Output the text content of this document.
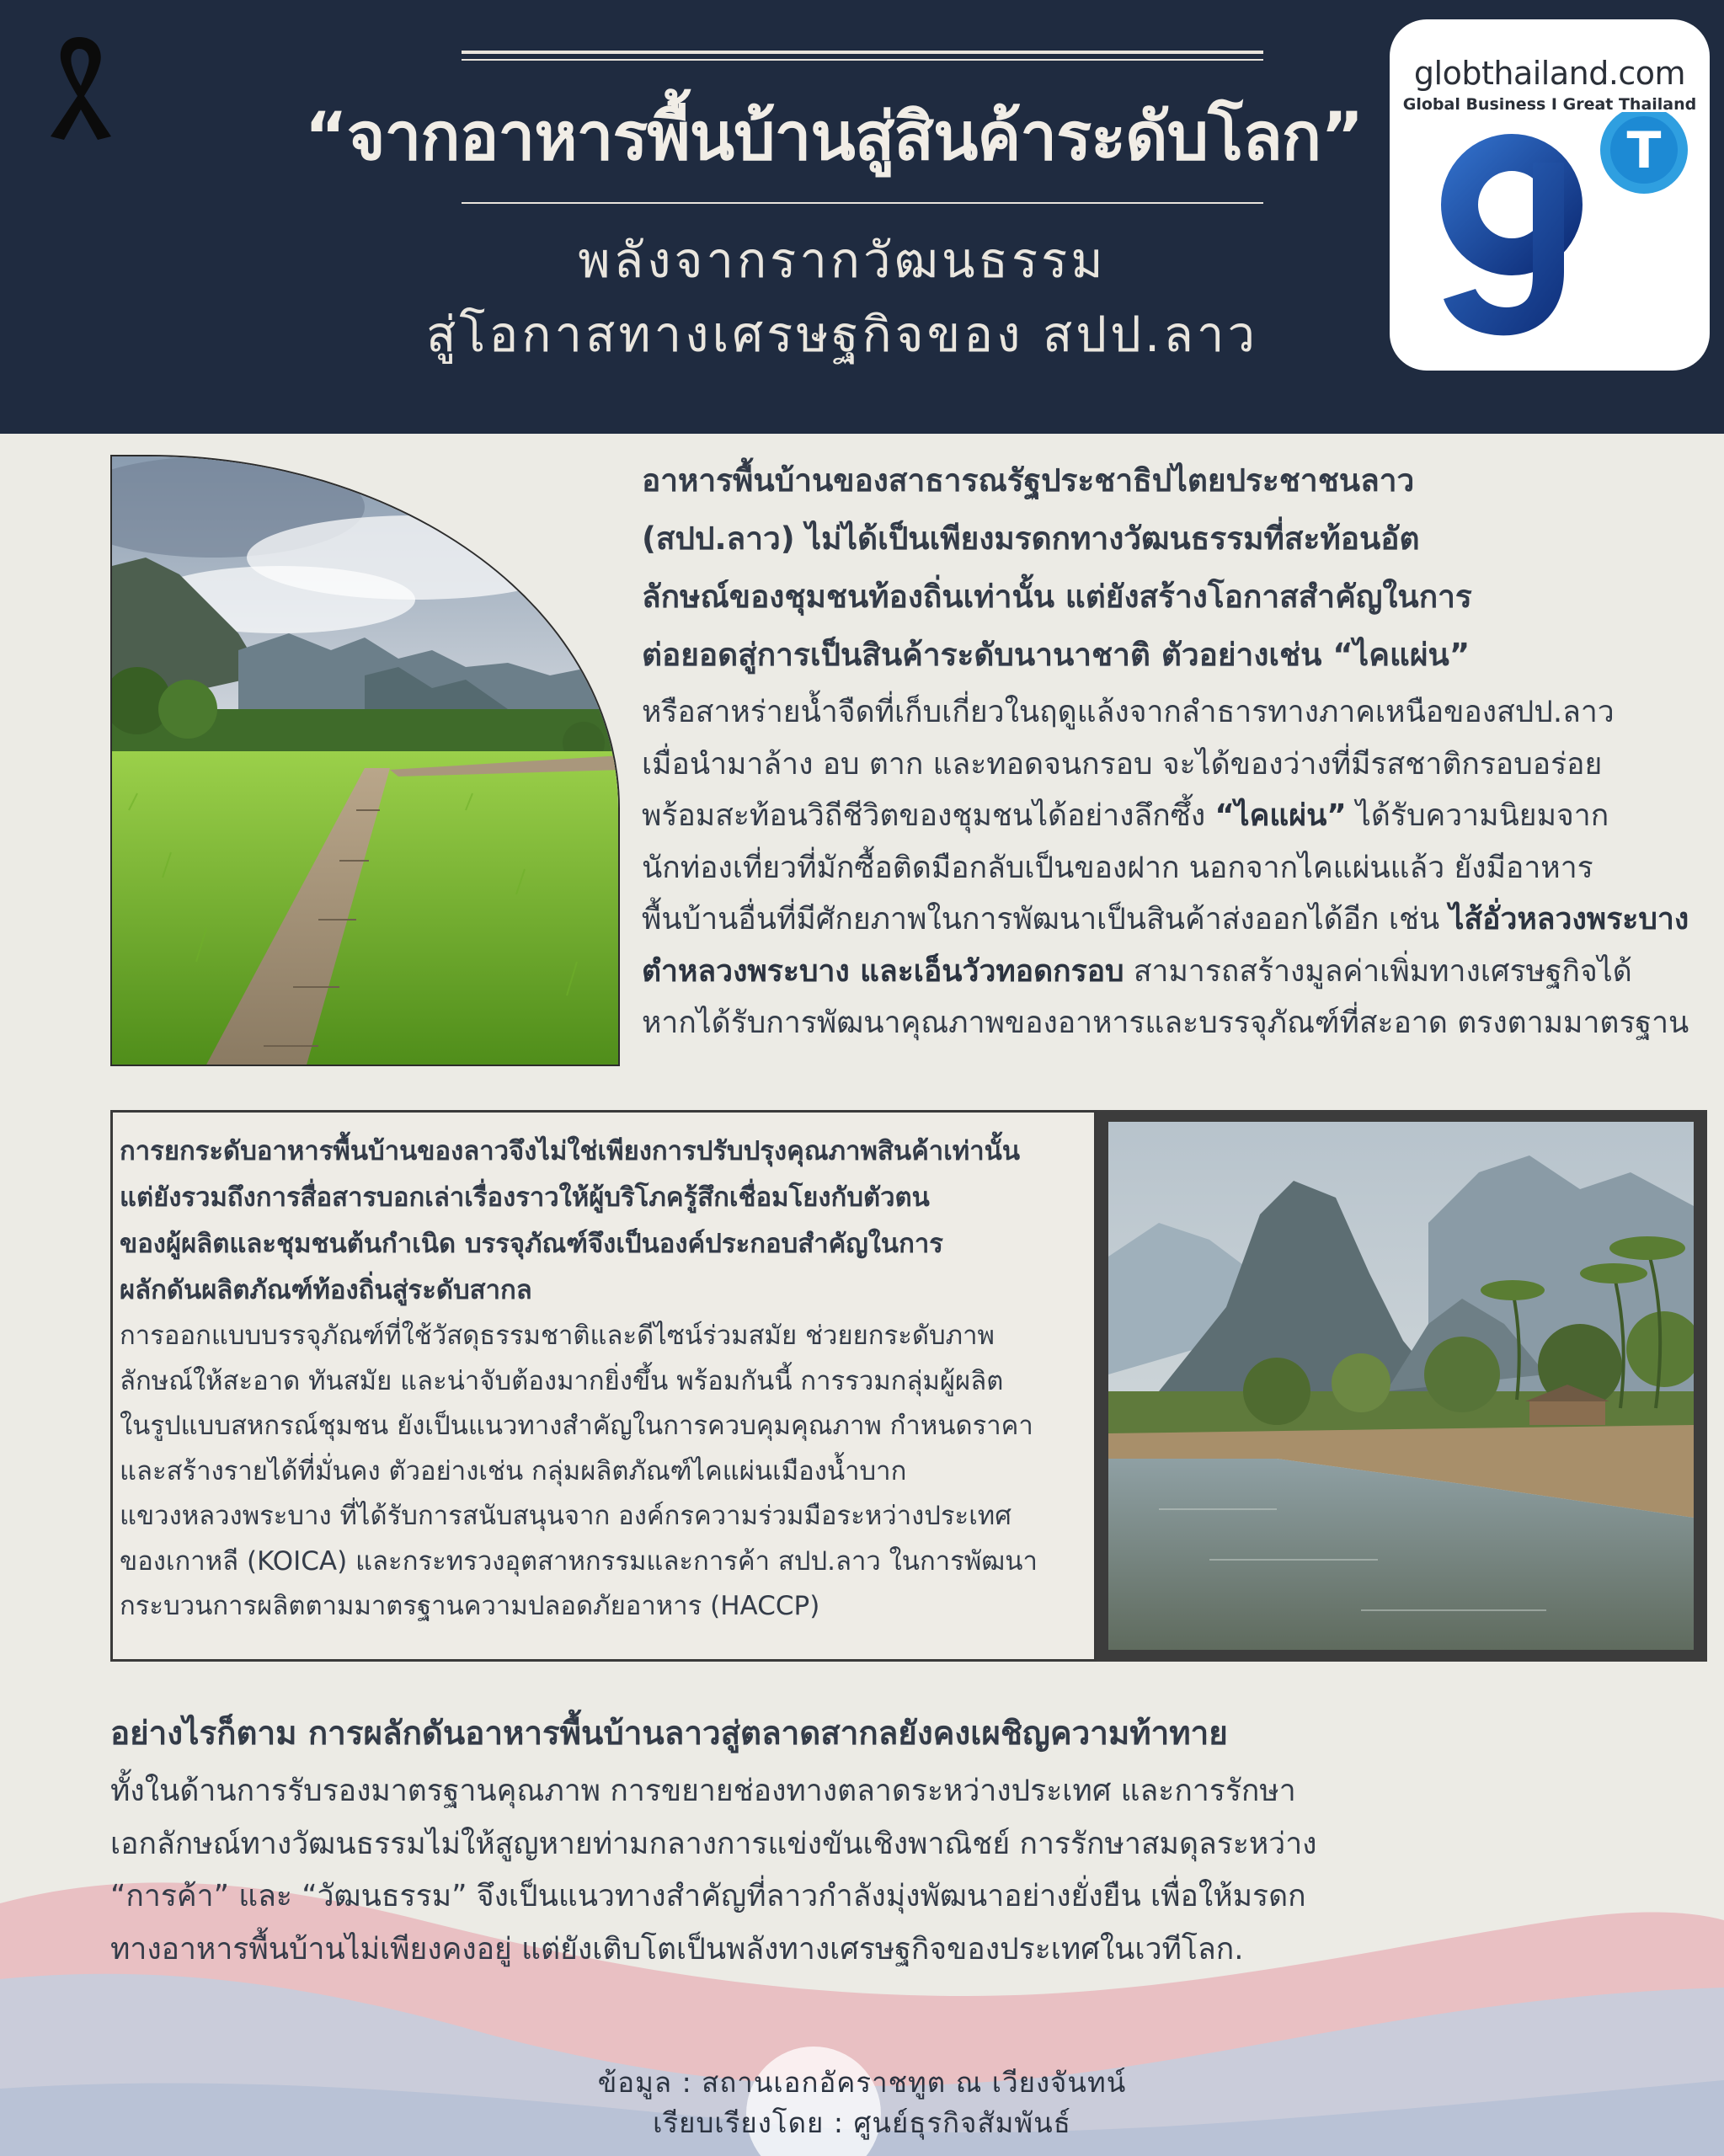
“จากอาหารพื้นบ้านสู่สินค้าระดับโลก”
พลังจากรากวัฒนธรรม
สู่โอกาสทางเศรษฐกิจของ สปป.ลาว
globthailand.com
Global Business I Great Thailand
T
อาหารพื้นบ้านของสาธารณรัฐประชาธิปไตยประชาชนลาว
(สปป.ลาว) ไม่ได้เป็นเพียงมรดกทางวัฒนธรรมที่สะท้อนอัต
ลักษณ์ของชุมชนท้องถิ่นเท่านั้น แต่ยังสร้างโอกาสสำคัญในการ
ต่อยอดสู่การเป็นสินค้าระดับนานาชาติ ตัวอย่างเช่น “ไคแผ่น”
หรือสาหร่ายน้ำจืดที่เก็บเกี่ยวในฤดูแล้งจากลำธารทางภาคเหนือของสปป.ลาว
เมื่อนำมาล้าง อบ ตาก และทอดจนกรอบ จะได้ของว่างที่มีรสชาติกรอบอร่อย
พร้อมสะท้อนวิถีชีวิตของชุมชนได้อย่างลึกซึ้ง “ไคแผ่น” ได้รับความนิยมจาก
นักท่องเที่ยวที่มักซื้อติดมือกลับเป็นของฝาก นอกจากไคแผ่นแล้ว ยังมีอาหาร
พื้นบ้านอื่นที่มีศักยภาพในการพัฒนาเป็นสินค้าส่งออกได้อีก เช่น ไส้อั่วหลวงพระบาง
ตำหลวงพระบาง และเอ็นวัวทอดกรอบ สามารถสร้างมูลค่าเพิ่มทางเศรษฐกิจได้
หากได้รับการพัฒนาคุณภาพของอาหารและบรรจุภัณฑ์ที่สะอาด ตรงตามมาตรฐาน
การยกระดับอาหารพื้นบ้านของลาวจึงไม่ใช่เพียงการปรับปรุงคุณภาพสินค้าเท่านั้น
แต่ยังรวมถึงการสื่อสารบอกเล่าเรื่องราวให้ผู้บริโภครู้สึกเชื่อมโยงกับตัวตน
ของผู้ผลิตและชุมชนต้นกำเนิด บรรจุภัณฑ์จึงเป็นองค์ประกอบสำคัญในการ
ผลักดันผลิตภัณฑ์ท้องถิ่นสู่ระดับสากล
การออกแบบบรรจุภัณฑ์ที่ใช้วัสดุธรรมชาติและดีไซน์ร่วมสมัย ช่วยยกระดับภาพ
ลักษณ์ให้สะอาด ทันสมัย และน่าจับต้องมากยิ่งขึ้น พร้อมกันนี้ การรวมกลุ่มผู้ผลิต
ในรูปแบบสหกรณ์ชุมชน ยังเป็นแนวทางสำคัญในการควบคุมคุณภาพ กำหนดราคา
และสร้างรายได้ที่มั่นคง ตัวอย่างเช่น กลุ่มผลิตภัณฑ์ไคแผ่นเมืองน้ำบาก
แขวงหลวงพระบาง ที่ได้รับการสนับสนุนจาก องค์กรความร่วมมือระหว่างประเทศ
ของเกาหลี (KOICA) และกระทรวงอุตสาหกรรมและการค้า สปป.ลาว ในการพัฒนา
กระบวนการผลิตตามมาตรฐานความปลอดภัยอาหาร (HACCP)
อย่างไรก็ตาม การผลักดันอาหารพื้นบ้านลาวสู่ตลาดสากลยังคงเผชิญความท้าทาย
ทั้งในด้านการรับรองมาตรฐานคุณภาพ การขยายช่องทางตลาดระหว่างประเทศ และการรักษา
เอกลักษณ์ทางวัฒนธรรมไม่ให้สูญหายท่ามกลางการแข่งขันเชิงพาณิชย์ การรักษาสมดุลระหว่าง
“การค้า” และ “วัฒนธรรม” จึงเป็นแนวทางสำคัญที่ลาวกำลังมุ่งพัฒนาอย่างยั่งยืน เพื่อให้มรดก
ทางอาหารพื้นบ้านไม่เพียงคงอยู่ แต่ยังเติบโตเป็นพลังทางเศรษฐกิจของประเทศในเวทีโลก.
ข้อมูล : สถานเอกอัคราชทูต ณ เวียงจันทน์
เรียบเรียงโดย : ศูนย์ธุรกิจสัมพันธ์
